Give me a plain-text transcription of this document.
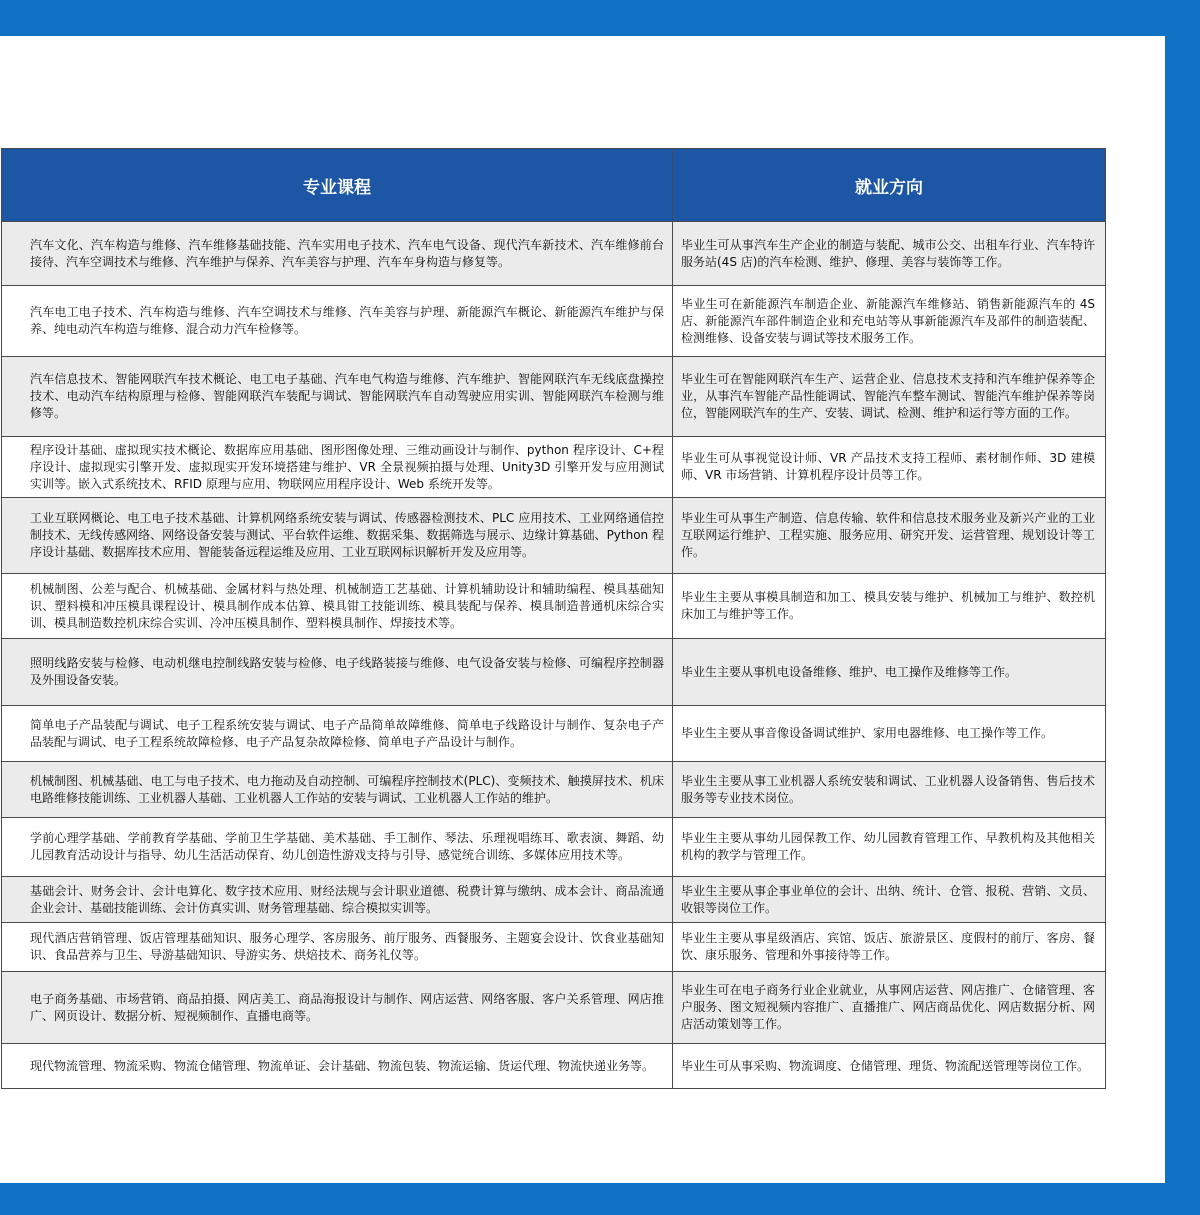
专业课程	就业方向
汽车文化、汽车构造与维修、汽车维修基础技能、汽车实用电子技术、汽车电气设备、现代汽车新技术、汽车维修前台接待、汽车空调技术与维修、汽车维护与保养、汽车美容与护理、汽车车身构造与修复等。	毕业生可从事汽车生产企业的制造与装配、城市公交、出租车行业、汽车特许服务站(4S 店)的汽车检测、维护、修理、美容与装饰等工作。
汽车电工电子技术、汽车构造与维修、汽车空调技术与维修、汽车美容与护理、新能源汽车概论、新能源汽车维护与保养、纯电动汽车构造与维修、混合动力汽车检修等。	毕业生可在新能源汽车制造企业、新能源汽车维修站、销售新能源汽车的 4S 店、新能源汽车部件制造企业和充电站等从事新能源汽车及部件的制造装配、检测维修、设备安装与调试等技术服务工作。
汽车信息技术、智能网联汽车技术概论、电工电子基础、汽车电气构造与维修、汽车维护、智能网联汽车无线底盘操控技术、电动汽车结构原理与检修、智能网联汽车装配与调试、智能网联汽车自动驾驶应用实训、智能网联汽车检测与维修等。	毕业生可在智能网联汽车生产、运营企业、信息技术支持和汽车维护保养等企业，从事汽车智能产品性能调试、智能汽车整车测试、智能汽车维护保养等岗位，智能网联汽车的生产、安装、调试、检测、维护和运行等方面的工作。
程序设计基础、虚拟现实技术概论、数据库应用基础、图形图像处理、三维动画设计与制作、python 程序设计、C+程序设计、虚拟现实引擎开发、虚拟现实开发环境搭建与维护、VR 全景视频拍摄与处理、Unity3D 引擎开发与应用测试实训等。嵌入式系统技术、RFID 原理与应用、物联网应用程序设计、Web 系统开发等。	毕业生可从事视觉设计师、VR 产品技术支持工程师、素材制作师、3D 建模师、VR 市场营销、计算机程序设计员等工作。
工业互联网概论、电工电子技术基础、计算机网络系统安装与调试、传感器检测技术、PLC 应用技术、工业网络通信控制技术、无线传感网络、网络设备安装与测试、平台软件运维、数据采集、数据筛选与展示、边缘计算基础、Python 程序设计基础、数据库技术应用、智能装备远程运维及应用、工业互联网标识解析开发及应用等。	毕业生可从事生产制造、信息传输、软件和信息技术服务业及新兴产业的工业互联网运行维护、工程实施、服务应用、研究开发、运营管理、规划设计等工作。
机械制图、公差与配合、机械基础、金属材料与热处理、机械制造工艺基础、计算机辅助设计和辅助编程、模具基础知识、塑料模和冲压模具课程设计、模具制作成本估算、模具钳工技能训练、模具装配与保养、模具制造普通机床综合实训、模具制造数控机床综合实训、冷冲压模具制作、塑料模具制作、焊接技术等。	毕业生主要从事模具制造和加工、模具安装与维护、机械加工与维护、数控机床加工与维护等工作。
照明线路安装与检修、电动机继电控制线路安装与检修、电子线路装接与维修、电气设备安装与检修、可编程序控制器及外围设备安装。	毕业生主要从事机电设备维修、维护、电工操作及维修等工作。
简单电子产品装配与调试、电子工程系统安装与调试、电子产品简单故障维修、简单电子线路设计与制作、复杂电子产品装配与调试、电子工程系统故障检修、电子产品复杂故障检修、简单电子产品设计与制作。	毕业生主要从事音像设备调试维护、家用电器维修、电工操作等工作。
机械制图、机械基础、电工与电子技术、电力拖动及自动控制、可编程序控制技术(PLC)、变频技术、触摸屏技术、机床电路维修技能训练、工业机器人基础、工业机器人工作站的安装与调试、工业机器人工作站的维护。	毕业生主要从事工业机器人系统安装和调试、工业机器人设备销售、售后技术服务等专业技术岗位。
学前心理学基础、学前教育学基础、学前卫生学基础、美术基础、手工制作、琴法、乐理视唱练耳、歌表演、舞蹈、幼儿园教育活动设计与指导、幼儿生活活动保育、幼儿创造性游戏支持与引导、感觉统合训练、多媒体应用技术等。	毕业生主要从事幼儿园保教工作、幼儿园教育管理工作、早教机构及其他相关机构的教学与管理工作。
基础会计、财务会计、会计电算化、数字技术应用、财经法规与会计职业道德、税费计算与缴纳、成本会计、商品流通企业会计、基础技能训练、会计仿真实训、财务管理基础、综合模拟实训等。	毕业生主要从事企事业单位的会计、出纳、统计、仓管、报税、营销、文员、收银等岗位工作。
现代酒店营销管理、饭店管理基础知识、服务心理学、客房服务、前厅服务、西餐服务、主题宴会设计、饮食业基础知识、食品营养与卫生、导游基础知识、导游实务、烘焙技术、商务礼仪等。	毕业生主要从事星级酒店、宾馆、饭店、旅游景区、度假村的前厅、客房、餐饮、康乐服务、管理和外事接待等工作。
电子商务基础、市场营销、商品拍摄、网店美工、商品海报设计与制作、网店运营、网络客服、客户关系管理、网店推广、网页设计、数据分析、短视频制作、直播电商等。	毕业生可在电子商务行业企业就业，从事网店运营、网店推广、仓储管理、客户服务、图文短视频内容推广、直播推广、网店商品优化、网店数据分析、网店活动策划等工作。
现代物流管理、物流采购、物流仓储管理、物流单证、会计基础、物流包装、物流运输、货运代理、物流快递业务等。	毕业生可从事采购、物流调度、仓储管理、理货、物流配送管理等岗位工作。
